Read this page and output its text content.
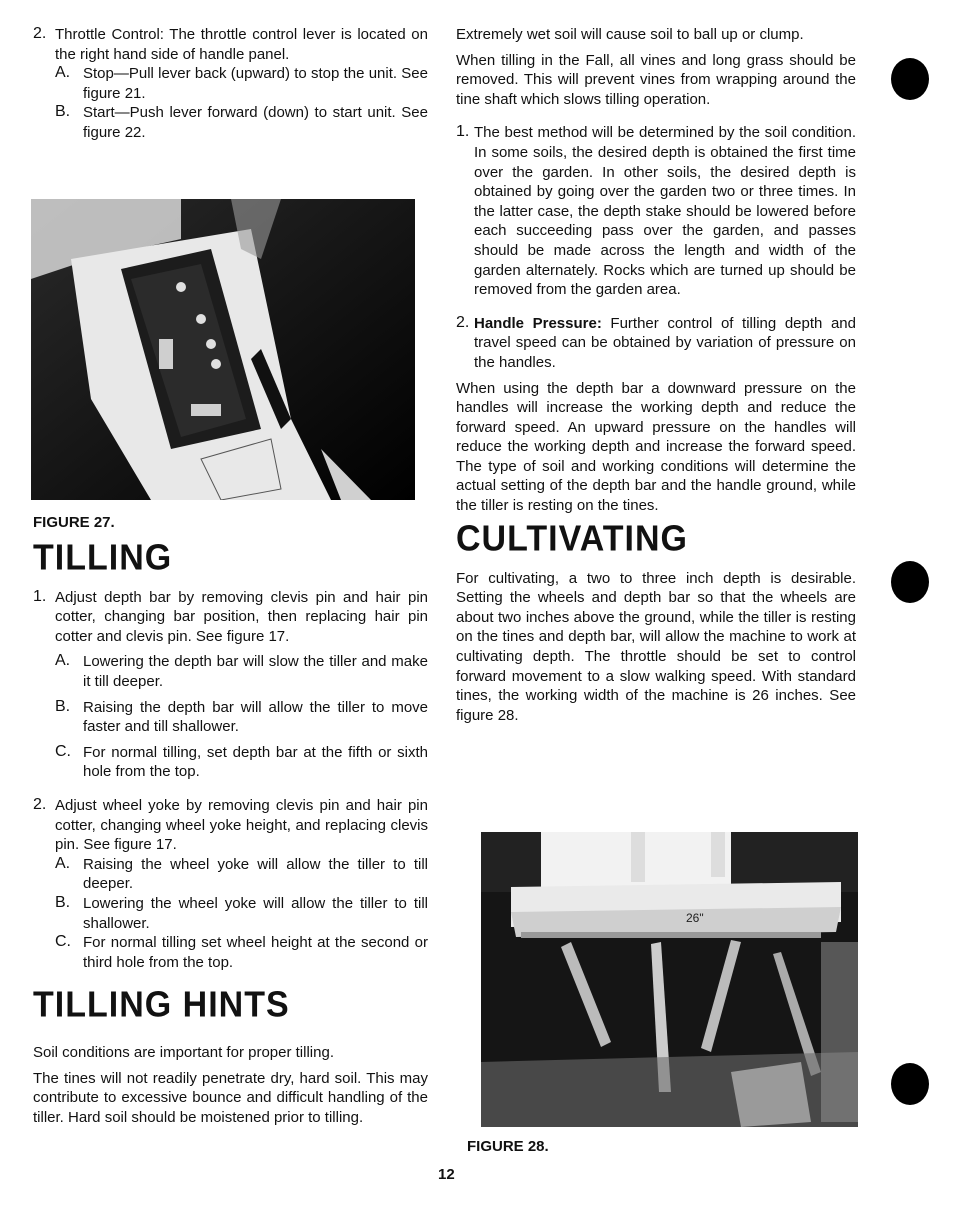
2. Throttle Control: The throttle control lever is located on the right hand side of handle panel.

A. Stop—Pull lever back (upward) to stop the unit. See figure 21.

B. Start—Push lever forward (down) to start unit. See figure 22.

FIGURE 27.

TILLING
1. Adjust depth bar by removing clevis pin and hair pin cotter, changing bar position, then replacing hair pin cotter and clevis pin. See figure 17.

A. Lowering the depth bar will slow the tiller and make it till deeper.

B. Raising the depth bar will allow the tiller to move faster and till shallower.

C. For normal tilling, set depth bar at the fifth or sixth hole from the top.

2. Adjust wheel yoke by removing clevis pin and hair pin cotter, changing wheel yoke height, and replacing clevis pin. See figure 17.

A. Raising the wheel yoke will allow the tiller to till deeper.

B. Lowering the wheel yoke will allow the tiller to till shallower.

C. For normal tilling set wheel height at the second or third hole from the top.

TILLING HINTS

Soil conditions are important for proper tilling.

The tines will not readily penetrate dry, hard soil. This may contribute to excessive bounce and difficult handling of the tiller. Hard soil should be moistened prior to tilling.

Extremely wet soil will cause soil to ball up or clump.

When tilling in the Fall, all vines and long grass should be removed. This will prevent vines from wrapping around the tine shaft which slows tilling operation.

1. The best method will be determined by the soil condition. In some soils, the desired depth is obtained the first time over the garden. In other soils, the desired depth is obtained by going over the garden two or three times. In the latter case, the depth stake should be lowered before each succeeding pass over the garden, and passes should be made across the length and width of the garden alternately. Rocks which are turned up should be removed from the garden area.

2. Handle Pressure: Further control of tilling depth and travel speed can be obtained by variation of pressure on the handles.

When using the depth bar a downward pressure on the handles will increase the working depth and reduce the forward speed. An upward pressure on the handles will reduce the working depth and increase the forward speed. The type of soil and working conditions will determine the actual setting of the depth bar and the handle ground, while the tiller is resting on the tines.

CULTIVATING

For cultivating, a two to three inch depth is desirable. Setting the wheels and depth bar so that the wheels are about two inches above the ground, while the tiller is resting on the tines and depth bar, will allow the machine to work at cultivating depth. The throttle should be set to control forward movement to a slow walking speed. With standard tines, the working width of the machine is 26 inches. See figure 28.

26"

FIGURE 28.

12
